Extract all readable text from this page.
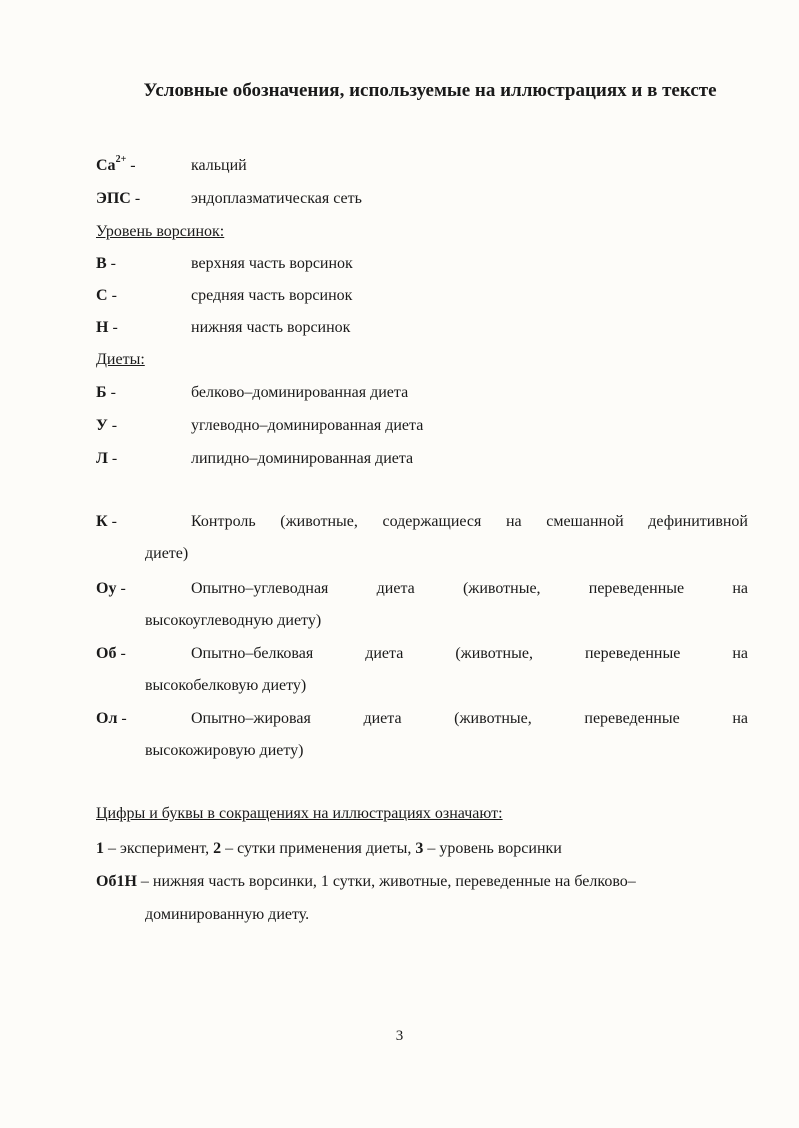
Условные обозначения, используемые на иллюстрациях и в тексте
$Ca^{2+}$ -	кальций
ЭПС -	эндоплазматическая сеть
Уровень ворсинок:
В -	верхняя часть ворсинок
С -	средняя часть ворсинок
Н -	нижняя часть ворсинок
Диеты:
Б -	белково–доминированная диета
У -	углеводно–доминированная диета
Л -	липидно–доминированная диета
К -	Контроль (животные, содержащиеся на смешанной дефинитивной
диете)
Оу -	Опытно–углеводная диета (животные, переведенные на
высокоуглеводную диету)
Об -	Опытно–белковая диета (животные, переведенные на
высокобелковую диету)
Ол -	Опытно–жировая диета (животные, переведенные на
высокожировую диету)
Цифры и буквы в сокращениях на иллюстрациях означают:
1 – эксперимент, 2 – сутки применения диеты, 3 – уровень ворсинки
Об1Н – нижняя часть ворсинки, 1 сутки, животные, переведенные на белково–
доминированную диету.
3
